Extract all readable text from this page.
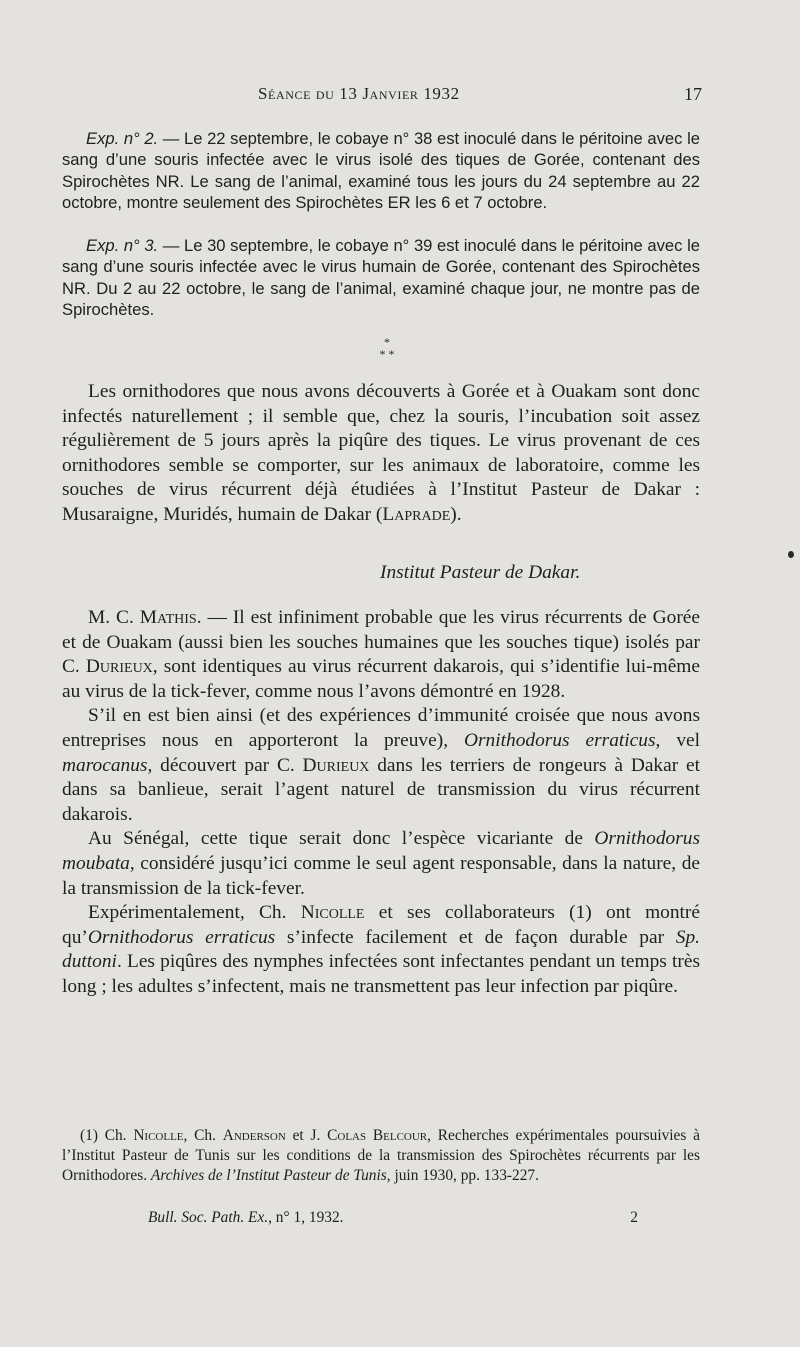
Séance du 13 Janvier 1932	17

Exp. n° 2. — Le 22 septembre, le cobaye n° 38 est inoculé dans le péritoine avec le sang d’une souris infectée avec le virus isolé des tiques de Gorée, contenant des Spirochètes NR. Le sang de l’animal, examiné tous les jours du 24 septembre au 22 octobre, montre seulement des Spirochètes ER les 6 et 7 octobre.

Exp. n° 3. — Le 30 septembre, le cobaye n° 39 est inoculé dans le péritoine avec le sang d’une souris infectée avec le virus humain de Gorée, contenant des Spirochètes NR. Du 2 au 22 octobre, le sang de l’animal, examiné chaque jour, ne montre pas de Spirochètes.

*
* *

Les ornithodores que nous avons découverts à Gorée et à Ouakam sont donc infectés naturellement ; il semble que, chez la souris, l’incubation soit assez régulièrement de 5 jours après la piqûre des tiques. Le virus provenant de ces ornithodores semble se comporter, sur les animaux de laboratoire, comme les souches de virus récurrent déjà étudiées à l’Institut Pasteur de Dakar : Musaraigne, Muridés, humain de Dakar (Laprade).

Institut Pasteur de Dakar.

M. C. Mathis. — Il est infiniment probable que les virus récurrents de Gorée et de Ouakam (aussi bien les souches humaines que les souches tique) isolés par C. Durieux, sont identiques au virus récurrent dakarois, qui s’identifie lui-même au virus de la tick-fever, comme nous l’avons démontré en 1928.

S’il en est bien ainsi (et des expériences d’immunité croisée que nous avons entreprises nous en apporteront la preuve), Ornithodorus erraticus, vel marocanus, découvert par C. Durieux dans les terriers de rongeurs à Dakar et dans sa banlieue, serait l’agent naturel de transmission du virus récurrent dakarois.

Au Sénégal, cette tique serait donc l’espèce vicariante de Ornithodorus moubata, considéré jusqu’ici comme le seul agent responsable, dans la nature, de la transmission de la tick-fever.

Expérimentalement, Ch. Nicolle et ses collaborateurs (1) ont montré qu’Ornithodorus erraticus s’infecte facilement et de façon durable par Sp. duttoni. Les piqûres des nymphes infectées sont infectantes pendant un temps très long ; les adultes s’infectent, mais ne transmettent pas leur infection par piqûre.

(1) Ch. Nicolle, Ch. Anderson et J. Colas Belcour, Recherches expérimentales poursuivies à l’Institut Pasteur de Tunis sur les conditions de la transmission des Spirochètes récurrents par les Ornithodores. Archives de l’Institut Pasteur de Tunis, juin 1930, pp. 133-227.

Bull. Soc. Path. Ex., n° 1, 1932.	2
